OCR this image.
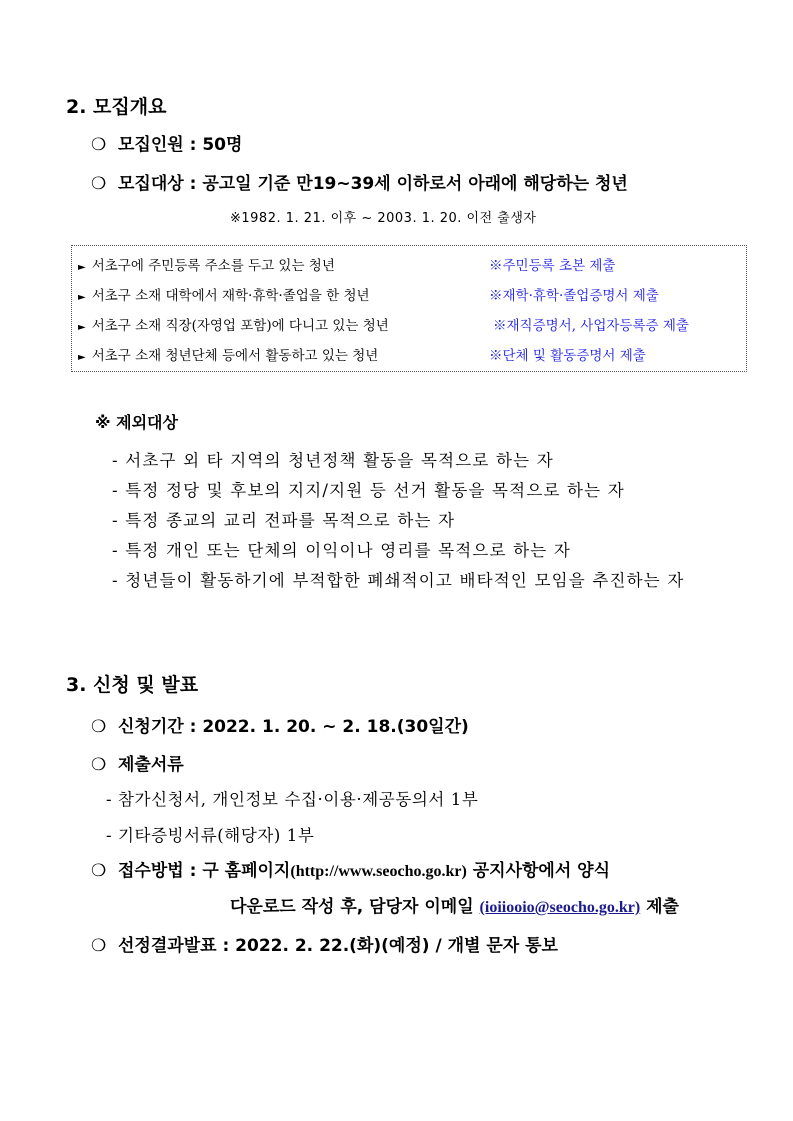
2. 모집개요
❍ 모집인원 : 50명
❍ 모집대상 : 공고일 기준 만19~39세 이하로서 아래에 해당하는 청년
※1982. 1. 21. 이후 ~ 2003. 1. 20. 이전 출생자
► 서초구에 주민등록 주소를 두고 있는 청년	※주민등록 초본 제출
► 서초구 소재 대학에서 재학·휴학·졸업을 한 청년	※재학·휴학·졸업증명서 제출
► 서초구 소재 직장(자영업 포함)에 다니고 있는 청년	※재직증명서, 사업자등록증 제출
► 서초구 소재 청년단체 등에서 활동하고 있는 청년	※단체 및 활동증명서 제출
※ 제외대상
- 서초구 외 타 지역의 청년정책 활동을 목적으로 하는 자
- 특정 정당 및 후보의 지지/지원 등 선거 활동을 목적으로 하는 자
- 특정 종교의 교리 전파를 목적으로 하는 자
- 특정 개인 또는 단체의 이익이나 영리를 목적으로 하는 자
- 청년들이 활동하기에 부적합한 폐쇄적이고 배타적인 모임을 추진하는 자
3. 신청 및 발표
❍ 신청기간 : 2022. 1. 20. ~ 2. 18.(30일간)
❍ 제출서류
- 참가신청서, 개인정보 수집·이용·제공동의서 1부
- 기타증빙서류(해당자) 1부
❍ 접수방법 : 구 홈페이지(http://www.seocho.go.kr) 공지사항에서 양식
다운로드 작성 후, 담당자 이메일 (ioiiooio@seocho.go.kr) 제출
❍ 선정결과발표 : 2022. 2. 22.(화)(예정) / 개별 문자 통보
